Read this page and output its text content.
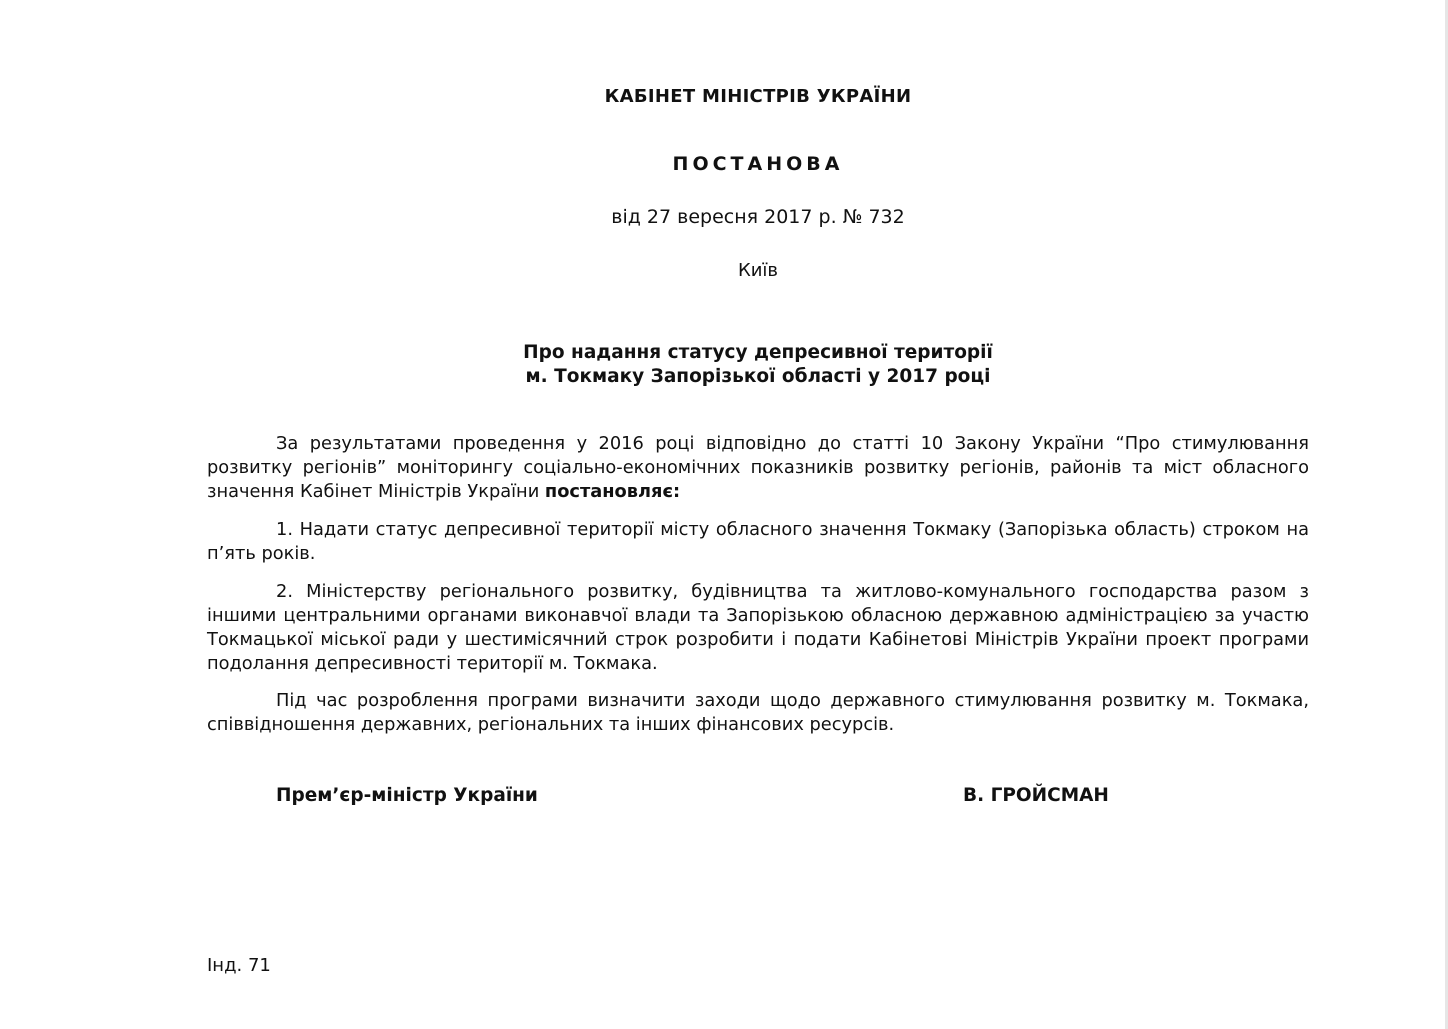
КАБІНЕТ МІНІСТРІВ УКРАЇНИ
ПОСТАНОВА
від 27 вересня 2017 р. № 732
Київ
Про надання статусу депресивної території
м. Токмаку Запорізької області у 2017 році

За результатами проведення у 2016 році відповідно до статті 10 Закону України “Про стимулювання розвитку регіонів” моніторингу соціально-економічних показників розвитку регіонів, районів та міст обласного значення Кабінет Міністрів України постановляє:

1. Надати статус депресивної території місту обласного значення Токмаку (Запорізька область) строком на п’ять років.

2. Міністерству регіонального розвитку, будівництва та житлово-комунального господарства разом з іншими центральними органами виконавчої влади та Запорізькою обласною державною адміністрацією за участю Токмацької міської ради у шестимісячний строк розробити і подати Кабінетові Міністрів України проект програми подолання депресивності території м. Токмака.

Під час розроблення програми визначити заходи щодо державного стимулювання розвитку м. Токмака, співвідношення державних, регіональних та інших фінансових ресурсів.

Прем’єр-міністр України	В. ГРОЙСМАН
Інд. 71
